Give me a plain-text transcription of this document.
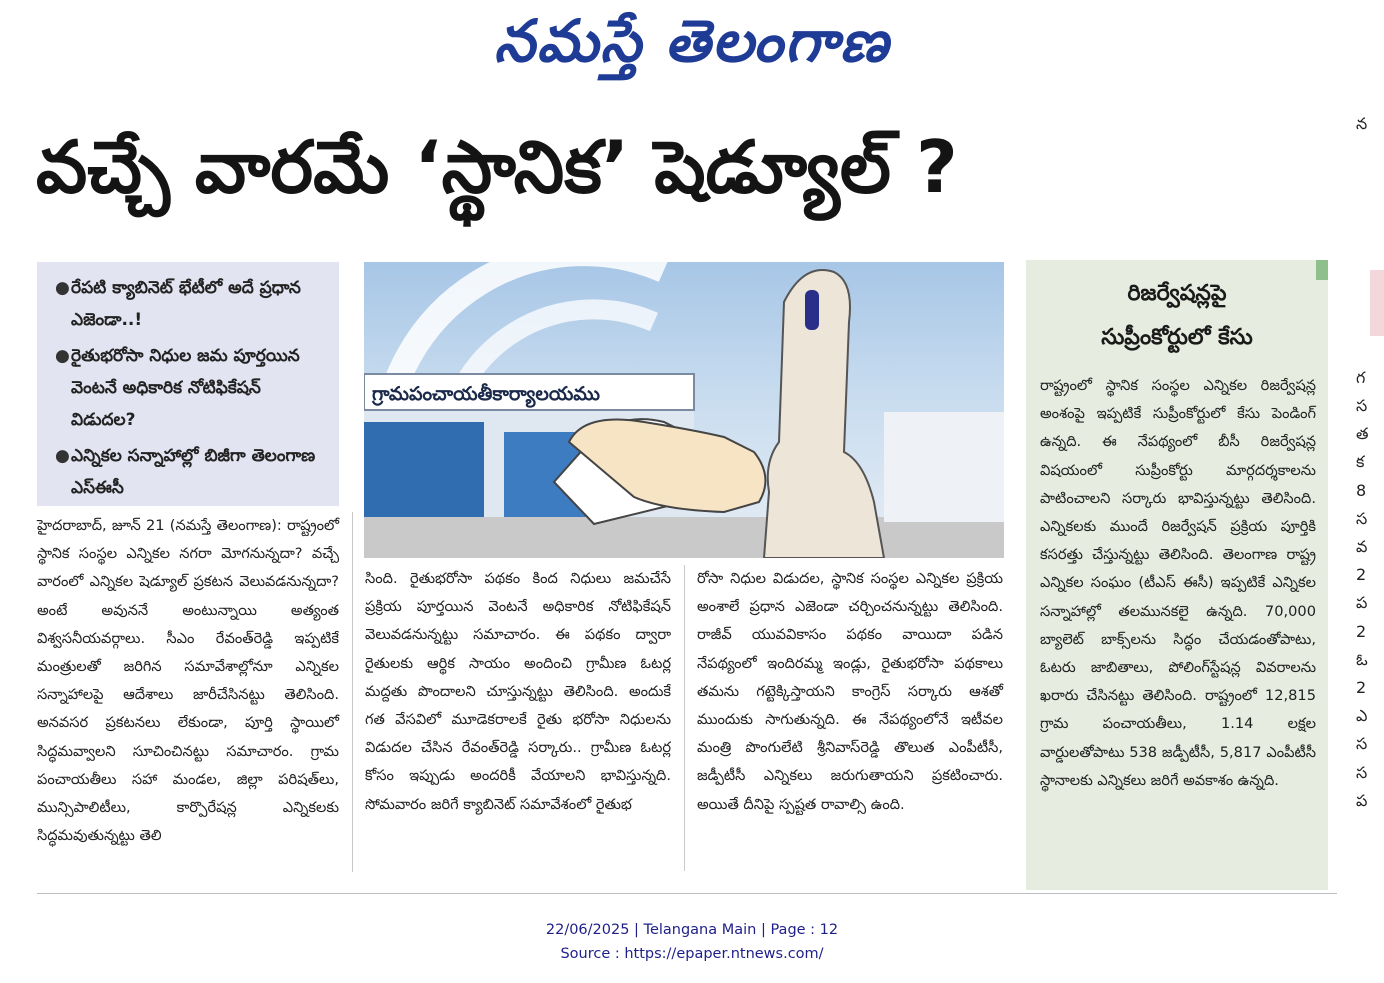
నమస్తే తెలంగాణ
వచ్చే వారమే ‘స్థానిక’ షెడ్యూల్ ?
న

గ
స
త
క
8
స
వ
2
ప
2
ఓ
2
ఎ
స
స
ప
● రేపటి క్యాబినెట్ భేటీలో అదే ప్రధాన ఎజెండా..!
● రైతుభరోసా నిధుల జమ పూర్తయిన వెంటనే అధికారిక నోటిఫికేషన్ విడుదల?
● ఎన్నికల సన్నాహాల్లో బిజీగా తెలంగాణ ఎస్ఈసీ
గ్రామపంచాయతీకార్యాలయము

హైదరాబాద్, జూన్ 21 (నమస్తే తెలంగాణ): రాష్ట్రంలో స్థానిక సంస్థల ఎన్నికల నగరా మోగనున్నదా? వచ్చే వారంలో ఎన్నికల షెడ్యూల్ ప్రకటన వెలువడనున్నదా? అంటే అవుననే అంటున్నాయి అత్యంత విశ్వసనీయవర్గాలు. సీఎం రేవంత్‌రెడ్డి ఇప్పటికే మంత్రులతో జరిగిన సమావేశాల్లోనూ ఎన్నికల సన్నాహాలపై ఆదేశాలు జారీచేసినట్టు తెలిసింది. అనవసర ప్రకటనలు లేకుండా, పూర్తి స్థాయిలో సిద్ధమవ్వాలని సూచించినట్టు సమాచారం. గ్రామ పంచాయతీలు సహా మండల, జిల్లా పరిషత్‌లు, మున్సిపాలిటీలు, కార్పొరేషన్ల ఎన్నికలకు సిద్ధమవుతున్నట్టు తెలి

సింది. రైతుభరోసా పథకం కింద నిధులు జమచేసే ప్రక్రియ పూర్తయిన వెంటనే అధికారిక నోటిఫికేషన్ వెలువడనున్నట్టు సమాచారం. ఈ పథకం ద్వారా రైతులకు ఆర్థిక సాయం అందించి గ్రామీణ ఓటర్ల మద్దతు పొందాలని చూస్తున్నట్టు తెలిసింది. అందుకే గత వేసవిలో మూడెకరాలకే రైతు భరోసా నిధులను విడుదల చేసిన రేవంత్‌రెడ్డి సర్కారు.. గ్రామీణ ఓటర్ల కోసం ఇప్పుడు అందరికీ వేయాలని భావిస్తున్నది. సోమవారం జరిగే క్యాబినెట్ సమావేశంలో రైతుభ

రోసా నిధుల విడుదల, స్థానిక సంస్థల ఎన్నికల ప్రక్రియ అంశాలే ప్రధాన ఎజెండా చర్చించనున్నట్టు తెలిసింది. రాజీవ్ యువవికాసం పథకం వాయిదా పడిన నేపథ్యంలో ఇందిరమ్మ ఇండ్లు, రైతుభరోసా పథకాలు తమను గట్టెక్కిస్తాయని కాంగ్రెస్ సర్కారు ఆశతో ముందుకు సాగుతున్నది. ఈ నేపథ్యంలోనే ఇటీవల మంత్రి పొంగులేటి శ్రీనివాస్‌రెడ్డి తొలుత ఎంపీటీసీ, జడ్పీటీసీ ఎన్నికలు జరుగుతాయని ప్రకటించారు. అయితే దీనిపై స్పష్టత రావాల్సి ఉంది.

రిజర్వేషన్లపై
సుప్రీంకోర్టులో కేసు

రాష్ట్రంలో స్థానిక సంస్థల ఎన్నికల రిజర్వేషన్ల అంశంపై ఇప్పటికే సుప్రీంకోర్టులో కేసు పెండింగ్ ఉన్నది. ఈ నేపథ్యంలో బీసీ రిజర్వేషన్ల విషయంలో సుప్రీంకోర్టు మార్గదర్శకాలను పాటించాలని సర్కారు భావిస్తున్నట్టు తెలిసింది. ఎన్నికలకు ముందే రిజర్వేషన్ ప్రక్రియ పూర్తికి కసరత్తు చేస్తున్నట్టు తెలిసింది. తెలంగాణ రాష్ట్ర ఎన్నికల సంఘం (టీఎస్ ఈసీ) ఇప్పటికే ఎన్నికల సన్నాహాల్లో తలమునకలై ఉన్నది. 70,000 బ్యాలెట్ బాక్స్‌లను సిద్ధం చేయడంతోపాటు, ఓటరు జాబితాలు, పోలింగ్‌స్టేషన్ల వివరాలను ఖరారు చేసినట్టు తెలిసింది. రాష్ట్రంలో 12,815 గ్రామ పంచాయతీలు, 1.14 లక్షల వార్డులతోపాటు 538 జడ్పీటీసీ, 5,817 ఎంపీటీసీ స్థానాలకు ఎన్నికలు జరిగే అవకాశం ఉన్నది.

22/06/2025 | Telangana Main | Page : 12
Source : https://epaper.ntnews.com/
